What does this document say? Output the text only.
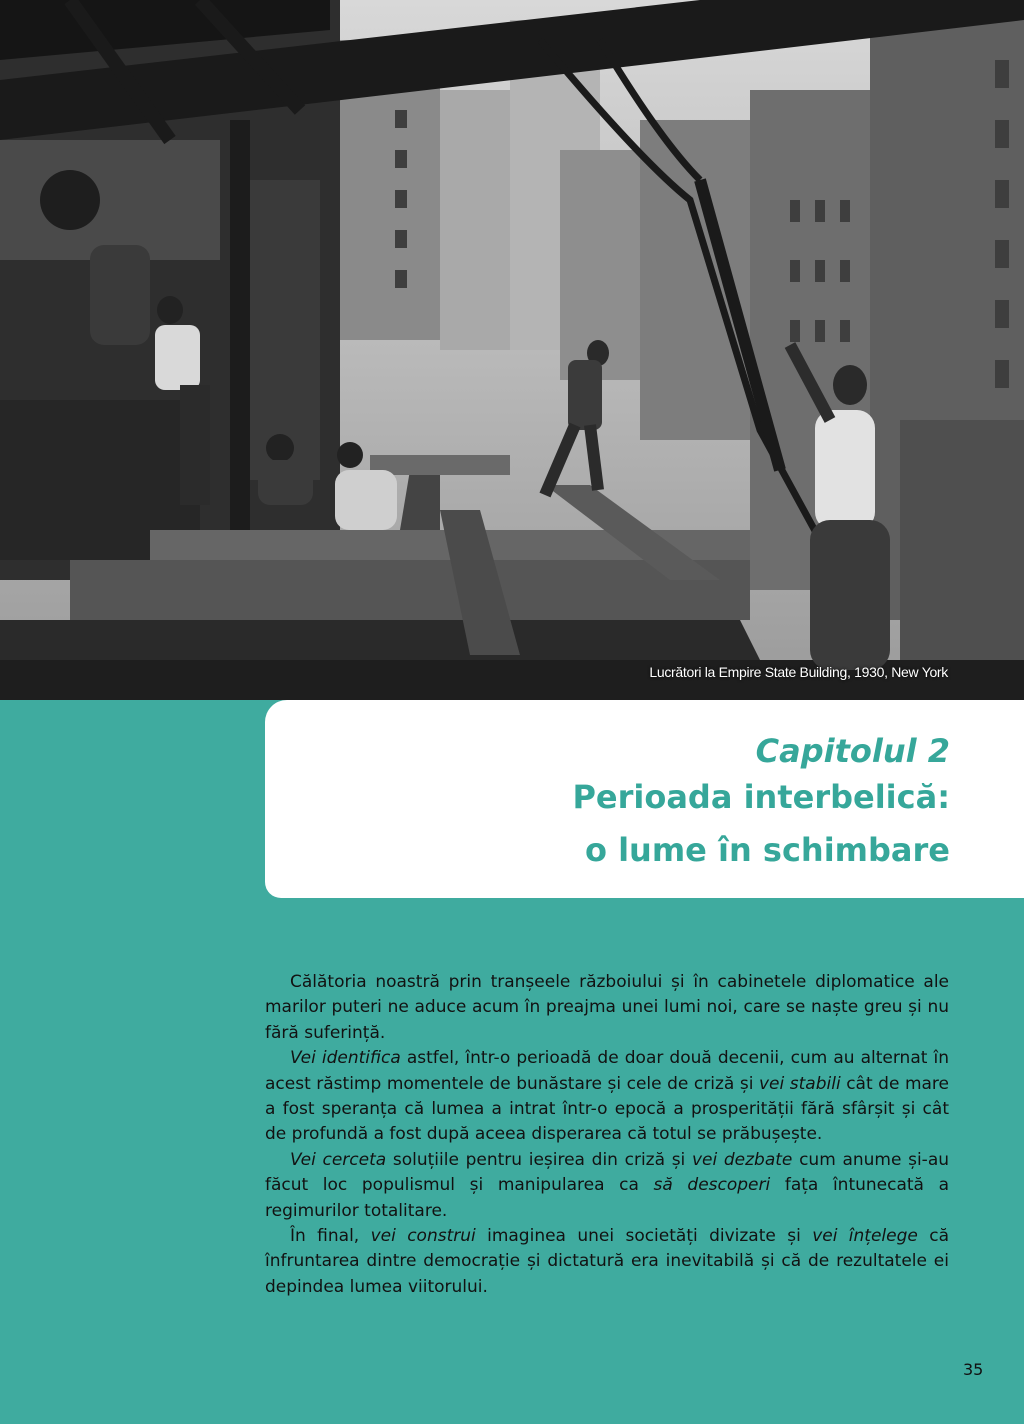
Lucrători la Empire State Building, 1930, New York
Capitolul 2
Perioada interbelică:
o lume în schimbare

Călătoria noastră prin tranșeele războiului și în cabinetele diplomatice ale marilor puteri ne aduce acum în preajma unei lumi noi, care se naște greu și nu fără suferință.

Vei identifica astfel, într-o perioadă de doar două decenii, cum au alternat în acest răstimp momentele de bunăstare și cele de criză și vei stabili cât de mare a fost speranța că lumea a intrat într-o epocă a prosperității fără sfârșit și cât de profundă a fost după aceea disperarea că totul se prăbușește.

Vei cerceta soluțiile pentru ieșirea din criză și vei dezbate cum anume și-au făcut loc populismul și manipularea ca să descoperi fața întunecată a regimurilor totalitare.

În final, vei construi imaginea unei societăți divizate și vei înțelege că înfruntarea dintre democrație și dictatură era inevitabilă și că de rezultatele ei depindea lumea viitorului.

35
